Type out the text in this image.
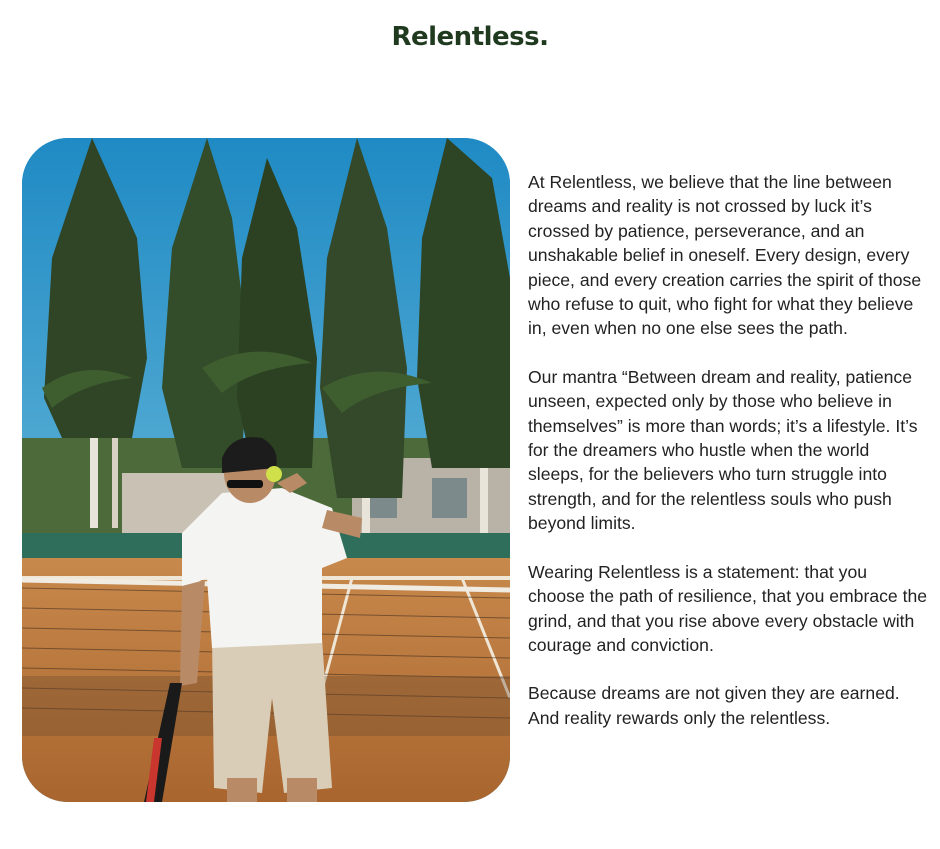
Relentless.

At Relentless, we believe that the line between dreams and reality is not crossed by luck it’s crossed by patience, perseverance, and an unshakable belief in oneself. Every design, every piece, and every creation carries the spirit of those who refuse to quit, who fight for what they believe in, even when no one else sees the path.

Our mantra “Between dream and reality, patience unseen, expected only by those who believe in themselves” is more than words; it’s a lifestyle. It’s for the dreamers who hustle when the world sleeps, for the believers who turn struggle into strength, and for the relentless souls who push beyond limits.

Wearing Relentless is a statement: that you choose the path of resilience, that you embrace the grind, and that you rise above every obstacle with courage and conviction.

Because dreams are not given they are earned. And reality rewards only the relentless.
